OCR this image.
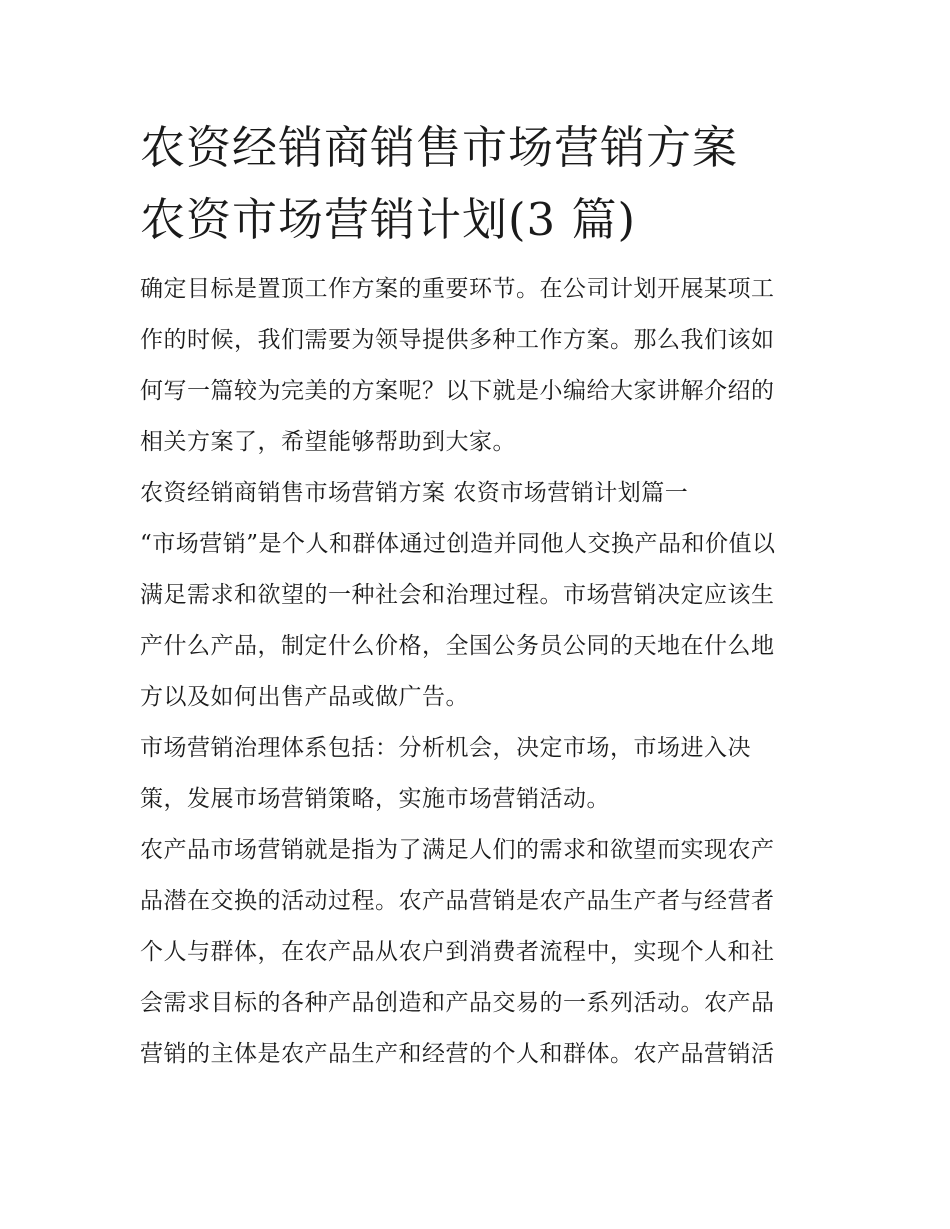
农资经销商销售市场营销方案
农资市场营销计划(3 篇)
确定目标是置顶工作方案的重要环节。在公司计划开展某项工
作的时候，我们需要为领导提供多种工作方案。那么我们该如
何写一篇较为完美的方案呢？以下就是小编给大家讲解介绍的
相关方案了，希望能够帮助到大家。
农资经销商销售市场营销方案 农资市场营销计划篇一
“市场营销”是个人和群体通过创造并同他人交换产品和价值以
满足需求和欲望的一种社会和治理过程。市场营销决定应该生
产什么产品，制定什么价格，全国公务员公同的天地在什么地
方以及如何出售产品或做广告。
市场营销治理体系包括：分析机会，决定市场，市场进入决
策，发展市场营销策略，实施市场营销活动。
农产品市场营销就是指为了满足人们的需求和欲望而实现农产
品潜在交换的活动过程。农产品营销是农产品生产者与经营者
个人与群体，在农产品从农户到消费者流程中，实现个人和社
会需求目标的各种产品创造和产品交易的一系列活动。农产品
营销的主体是农产品生产和经营的个人和群体。农产品营销活
